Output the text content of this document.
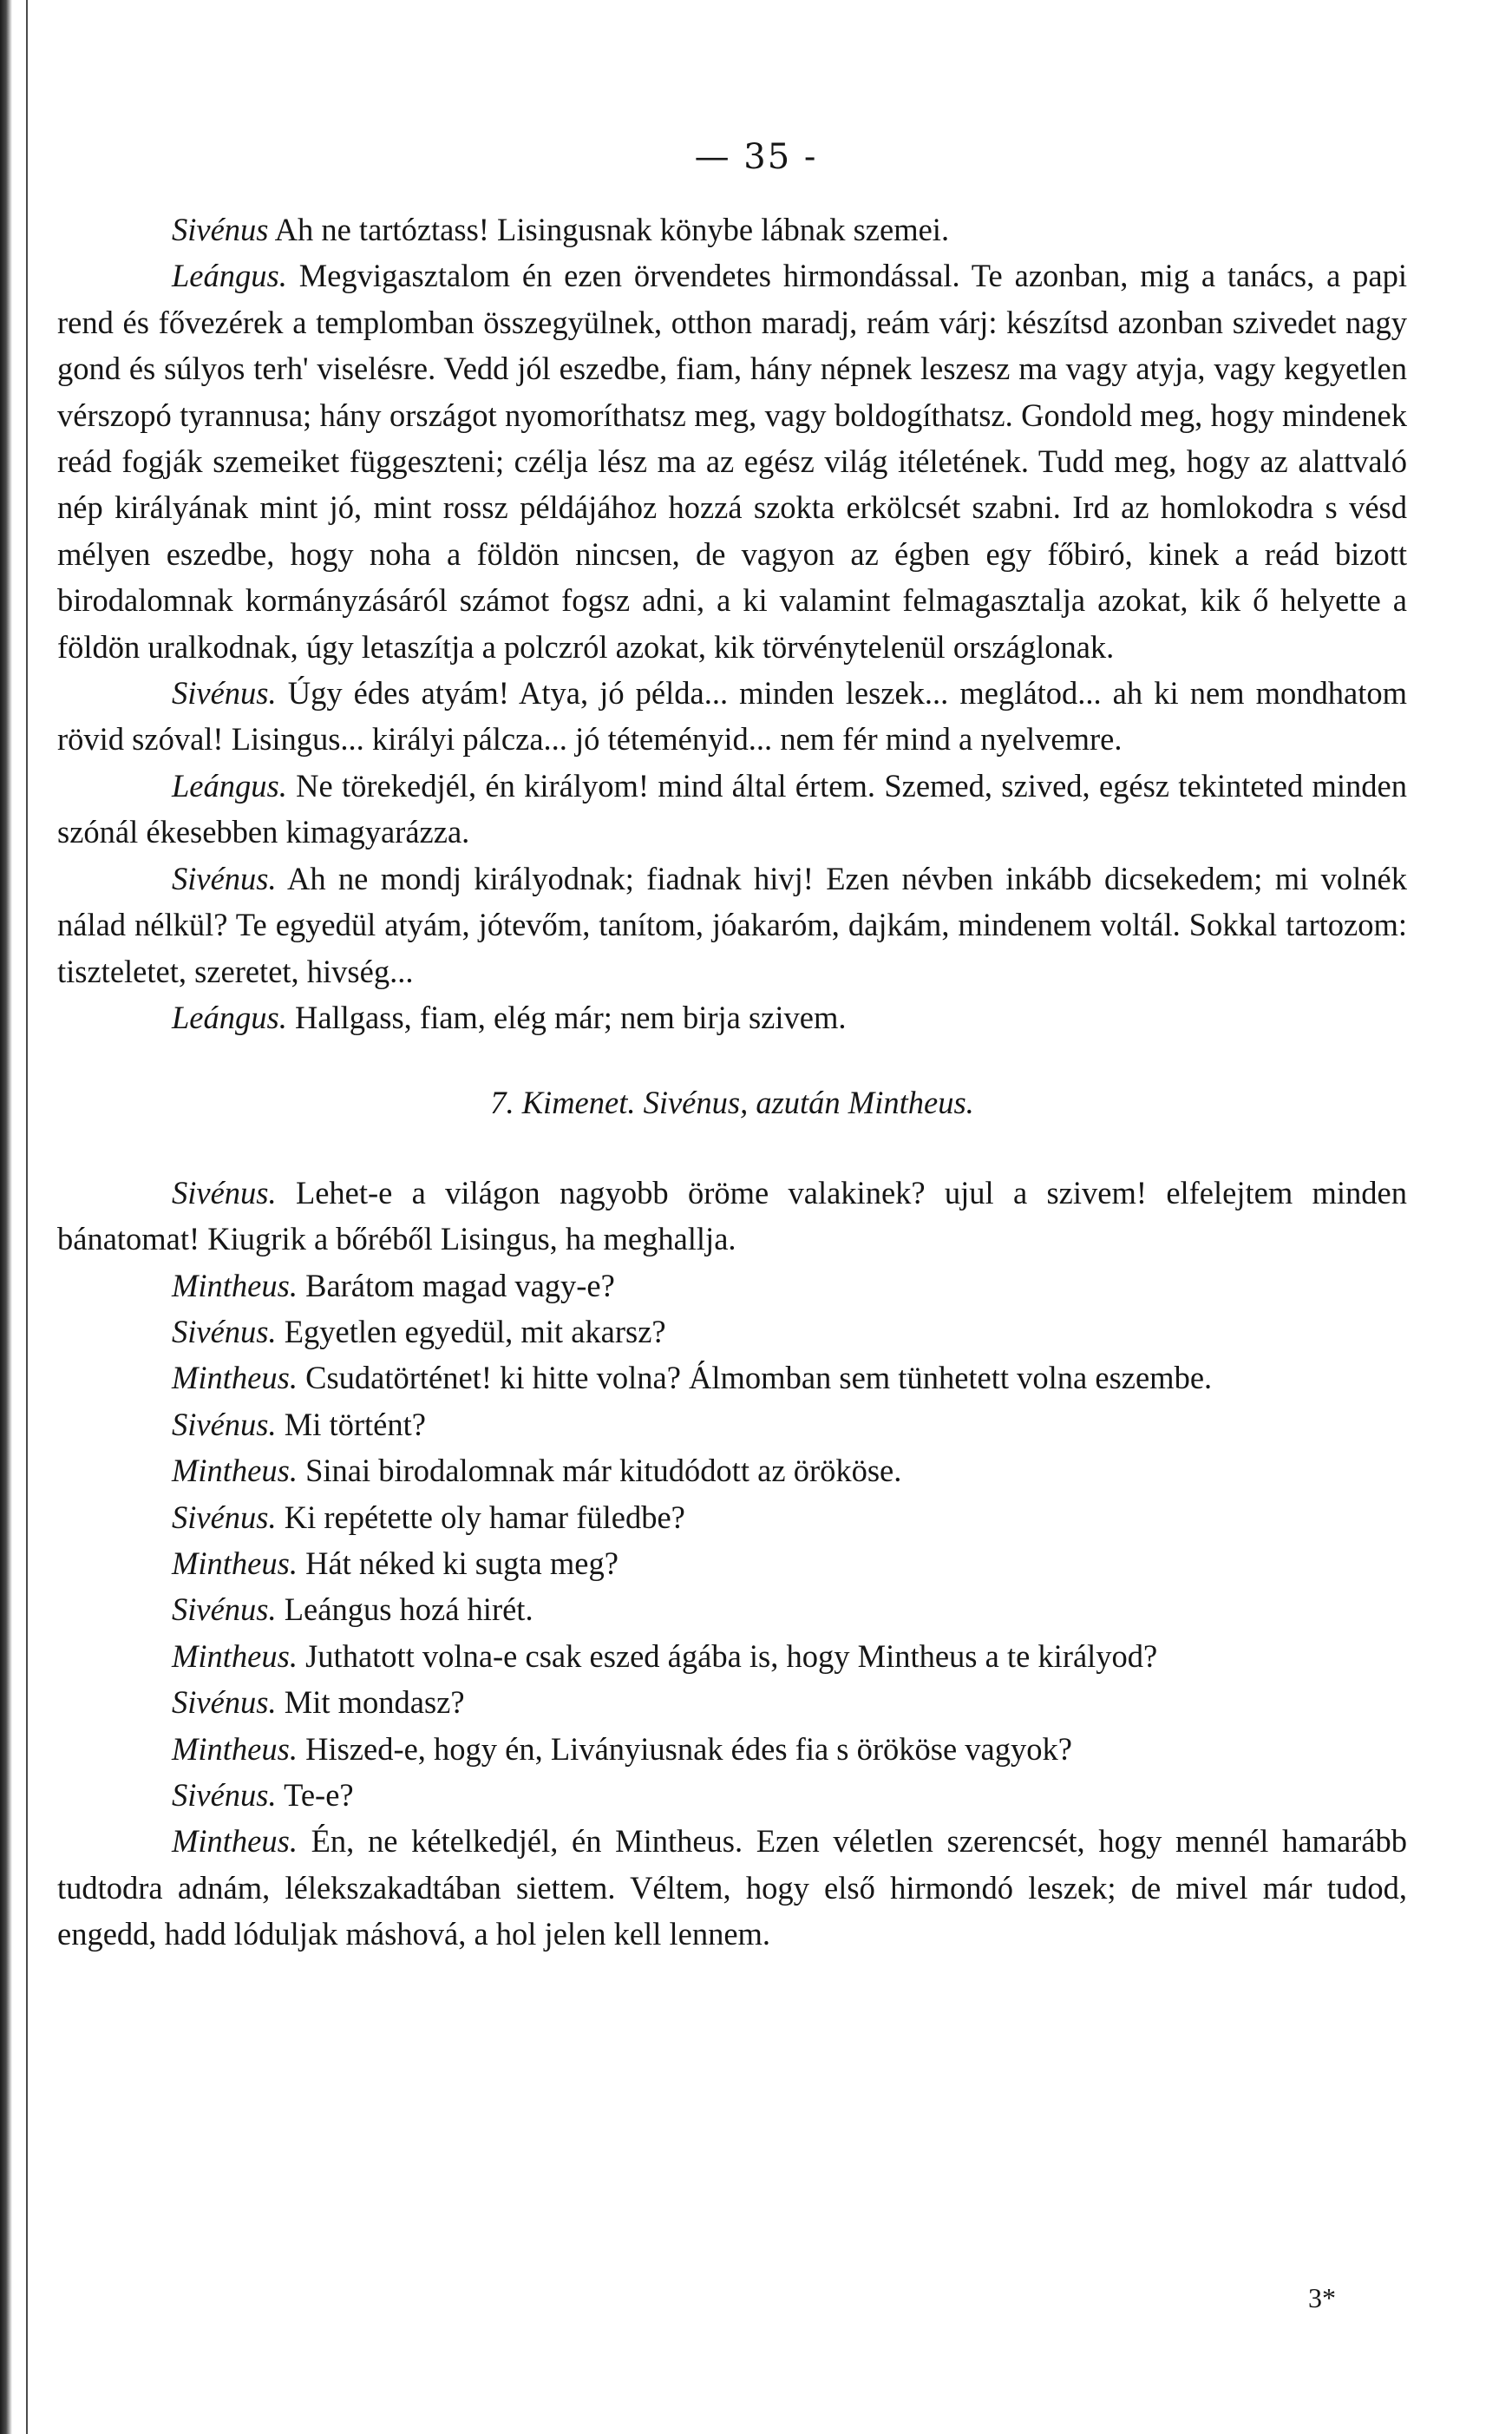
— 35 -

Sivénus Ah ne tartóztass! Lisingusnak könybe lábnak szemei.

Leángus. Megvigasztalom én ezen örvendetes hirmondással. Te azonban, mig a tanács, a papi rend és fővezérek a templomban összegyülnek, otthon maradj, reám várj: készítsd azonban szivedet nagy gond és súlyos terh' viselésre. Vedd jól eszedbe, fiam, hány népnek leszesz ma vagy atyja, vagy kegyetlen vérszopó tyrannusa; hány országot nyomoríthatsz meg, vagy boldogíthatsz. Gondold meg, hogy mindenek reád fogják szemeiket függeszteni; czélja lész ma az egész világ itéletének. Tudd meg, hogy az alattvaló nép királyának mint jó, mint rossz példájához hozzá szokta erkölcsét szabni. Ird az homlokodra s vésd mélyen eszedbe, hogy noha a földön nincsen, de vagyon az égben egy főbiró, kinek a reád bizott birodalomnak kormányzásáról számot fogsz adni, a ki valamint felmagasztalja azokat, kik ő helyette a földön uralkodnak, úgy letaszítja a polczról azokat, kik törvénytelenül országlonak.

Sivénus. Úgy édes atyám! Atya, jó példa... minden leszek... meglátod... ah ki nem mondhatom rövid szóval! Lisingus... királyi pálcza... jó téteményid... nem fér mind a nyelvemre.

Leángus. Ne törekedjél, én királyom! mind által értem. Szemed, szived, egész tekinteted minden szónál ékesebben kimagyarázza.

Sivénus. Ah ne mondj királyodnak; fiadnak hivj! Ezen névben inkább dicsekedem; mi volnék nálad nélkül? Te egyedül atyám, jótevőm, tanítom, jóakaróm, dajkám, mindenem voltál. Sokkal tartozom: tiszteletet, szeretet, hivség...

Leángus. Hallgass, fiam, elég már; nem birja szivem.

7. Kimenet. Sivénus, azután Mintheus.

Sivénus. Lehet-e a világon nagyobb öröme valakinek? ujul a szivem! elfelejtem minden bánatomat! Kiugrik a bőréből Lisingus, ha meghallja.

Mintheus. Barátom magad vagy-e?

Sivénus. Egyetlen egyedül, mit akarsz?

Mintheus. Csudatörténet! ki hitte volna? Álmomban sem tünhetett volna eszembe.

Sivénus. Mi történt?

Mintheus. Sinai birodalomnak már kitudódott az örököse.

Sivénus. Ki repétette oly hamar füledbe?

Mintheus. Hát néked ki sugta meg?

Sivénus. Leángus hozá hirét.

Mintheus. Juthatott volna-e csak eszed ágába is, hogy Mintheus a te királyod?

Sivénus. Mit mondasz?

Mintheus. Hiszed-e, hogy én, Liványiusnak édes fia s örököse vagyok?

Sivénus. Te-e?

Mintheus. Én, ne kételkedjél, én Mintheus. Ezen véletlen szerencsét, hogy mennél hamarább tudtodra adnám, lélekszakadtában siettem. Véltem, hogy első hirmondó leszek; de mivel már tudod, engedd, hadd lóduljak máshová, a hol jelen kell lennem.

3*
